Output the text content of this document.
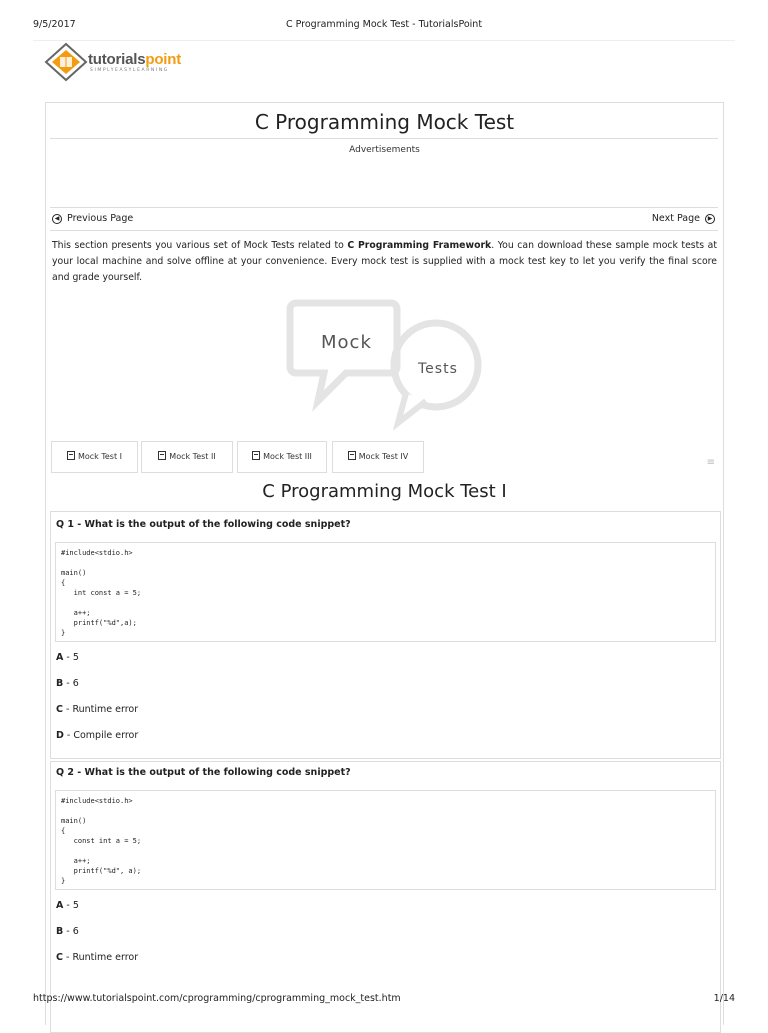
9/5/2017	C Programming Mock Test - TutorialsPoint
tutorialspoint
SIMPLYEASYLEARNING
C Programming Mock Test
Advertisements
◀ Previous Page	Next Page ▶
This section presents you various set of Mock Tests related to C Programming Framework. You can download these sample mock tests at your local machine and solve offline at your convenience. Every mock test is supplied with a mock test key to let you verify the final score and grade yourself.
Mock
Tests
Mock Test I	Mock Test II	Mock Test III	Mock Test IV
≡
C Programming Mock Test I
Q 1 - What is the output of the following code snippet?
#include<stdio.h>

main()
{
int const a = 5;

a++;
printf("%d",a);
}
A - 5
B - 6
C - Runtime error
D - Compile error
Q 2 - What is the output of the following code snippet?
#include<stdio.h>

main()
{
const int a = 5;

a++;
printf("%d", a);
}
A - 5
B - 6
C - Runtime error
https://www.tutorialspoint.com/cprogramming/cprogramming_mock_test.htm	1/14
